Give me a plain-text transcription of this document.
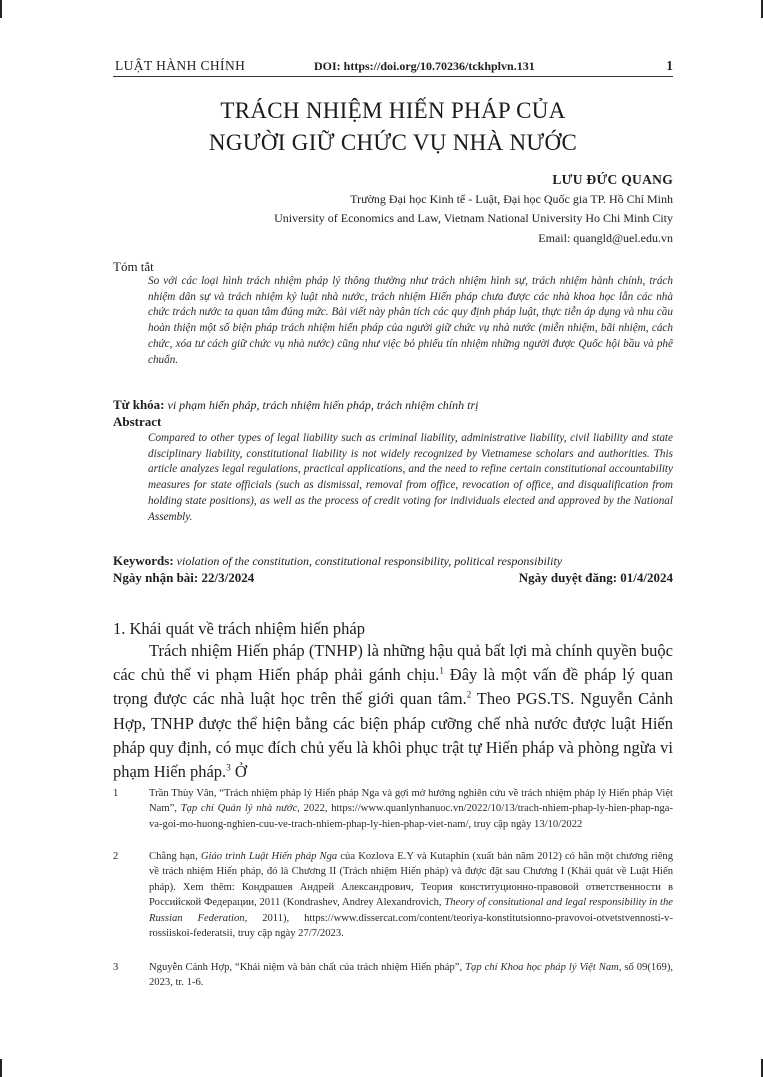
LUẬT HÀNH CHÍNH	DOI: https://doi.org/10.70236/tckhplvn.131	1
TRÁCH NHIỆM HIẾN PHÁP CỦA
NGƯỜI GIỮ CHỨC VỤ NHÀ NƯỚC
LƯU ĐỨC QUANG
Trường Đại học Kinh tế - Luật, Đại học Quốc gia TP. Hồ Chí Minh
University of Economics and Law, Vietnam National University Ho Chi Minh City
Email: quangld@uel.edu.vn
Tóm tắt
So với các loại hình trách nhiệm pháp lý thông thường như trách nhiệm hình sự, trách nhiệm hành chính, trách nhiệm dân sự và trách nhiệm kỷ luật nhà nước, trách nhiệm Hiến pháp chưa được các nhà khoa học lẫn các nhà chức trách nước ta quan tâm đúng mức. Bài viết này phân tích các quy định pháp luật, thực tiễn áp dụng và nhu cầu hoàn thiện một số biện pháp trách nhiệm hiến pháp của người giữ chức vụ nhà nước (miễn nhiệm, bãi nhiệm, cách chức, xóa tư cách giữ chức vụ nhà nước) cũng như việc bỏ phiếu tín nhiệm những người được Quốc hội bầu và phê chuẩn.
Từ khóa: vi phạm hiến pháp, trách nhiệm hiến pháp, trách nhiệm chính trị
Abstract
Compared to other types of legal liability such as criminal liability, administrative liability, civil liability and state disciplinary liability, constitutional liability is not widely recognized by Vietnamese scholars and authorities. This article analyzes legal regulations, practical applications, and the need to refine certain constitutional accountability measures for state officials (such as dismissal, removal from office, revocation of office, and disqualification from holding state positions), as well as the process of credit voting for individuals elected and approved by the National Assembly.
Keywords: violation of the constitution, constitutional responsibility, political responsibility
Ngày nhận bài: 22/3/2024	Ngày duyệt đăng: 01/4/2024
1. Khái quát về trách nhiệm hiến pháp
Trách nhiệm Hiến pháp (TNHP) là những hậu quả bất lợi mà chính quyền buộc các chủ thể vi phạm Hiến pháp phải gánh chịu.$^1$ Đây là một vấn đề pháp lý quan trọng được các nhà luật học trên thế giới quan tâm.$^2$ Theo PGS.TS. Nguyễn Cảnh Hợp, TNHP được thể hiện bằng các biện pháp cưỡng chế nhà nước được luật Hiến pháp quy định, có mục đích chủ yếu là khôi phục trật tự Hiến pháp và phòng ngừa vi phạm Hiến pháp.$^3$ Ở
1	Trần Thùy Vân, “Trách nhiệm pháp lý Hiến pháp Nga và gợi mở hướng nghiên cứu về trách nhiệm pháp lý Hiến pháp Việt Nam”, Tạp chí Quản lý nhà nước, 2022, https://www.quanlynhanuoc.vn/2022/10/13/trach-nhiem-phap-ly-hien-phap-nga-va-goi-mo-huong-nghien-cuu-ve-trach-nhiem-phap-ly-hien-phap-viet-nam/, truy cập ngày 13/10/2022
2	Chẳng hạn, Giáo trình Luật Hiến pháp Nga của Kozlova E.Y và Kutaphin (xuất bản năm 2012) có hẳn một chương riêng về trách nhiệm Hiến pháp, đó là Chương II (Trách nhiệm Hiến pháp) và được đặt sau Chương I (Khái quát về Luật Hiến pháp). Xem thêm: Кондрашев Андрей Александрович, Теория конституционно-правовой ответственности в Российской Федерации, 2011 (Kondrashev, Andrey Alexandrovich, Theory of consitutional and legal responsibility in the Russian Federation, 2011), https://www.dissercat.com/content/teoriya-konstitutsionno-pravovoi-otvetstvennosti-v-rossiiskoi-federatsii, truy cập ngày 27/7/2023.
3	Nguyễn Cảnh Hợp, “Khái niệm và bản chất của trách nhiệm Hiến pháp”, Tạp chí Khoa học pháp lý Việt Nam, số 09(169), 2023, tr. 1-6.
